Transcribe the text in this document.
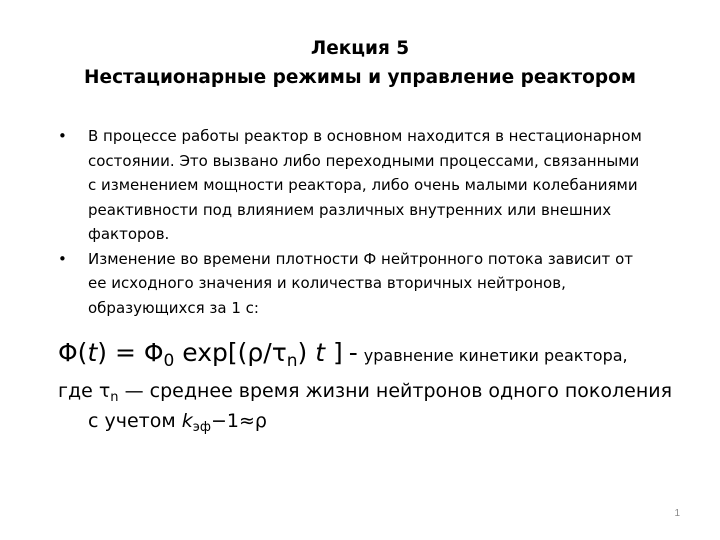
Лекция 5
Нестационарные режимы и управление реактором
• В процессе работы реактор в основном находится в нестационарном
состоянии. Это вызвано либо переходными процессами, связанными
с изменением мощности реактора, либо очень малыми колебаниями
реактивности под влиянием различных внутренних или внешних
факторов.
• Изменение во времени плотности Ф нейтронного потока зависит от
ее исходного значения и количества вторичных нейтронов,
образующихся за 1 с:
$\Phi(t) = \Phi_0$ $\exp[(\rho/\tau_n)$ t ] - уравнение кинетики реактора,
где $\tau_n$ — среднее время жизни нейтронов одного поколения
с учетом $k_{эф}-1\approx\rho$
1
